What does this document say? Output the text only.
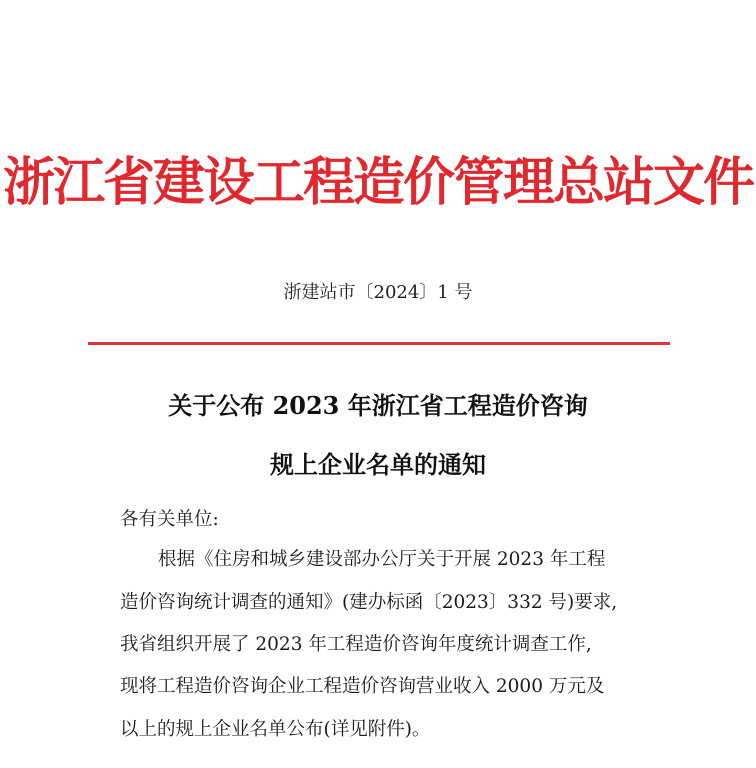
浙江省建设工程造价管理总站文件
浙建站市〔2024〕1 号
关于公布 2023 年浙江省工程造价咨询
规上企业名单的通知
各有关单位:
根据《住房和城乡建设部办公厅关于开展 2023 年工程
造价咨询统计调查的通知》(建办标函〔2023〕332 号)要求,
我省组织开展了 2023 年工程造价咨询年度统计调查工作,
现将工程造价咨询企业工程造价咨询营业收入 2000 万元及
以上的规上企业名单公布(详见附件)。
